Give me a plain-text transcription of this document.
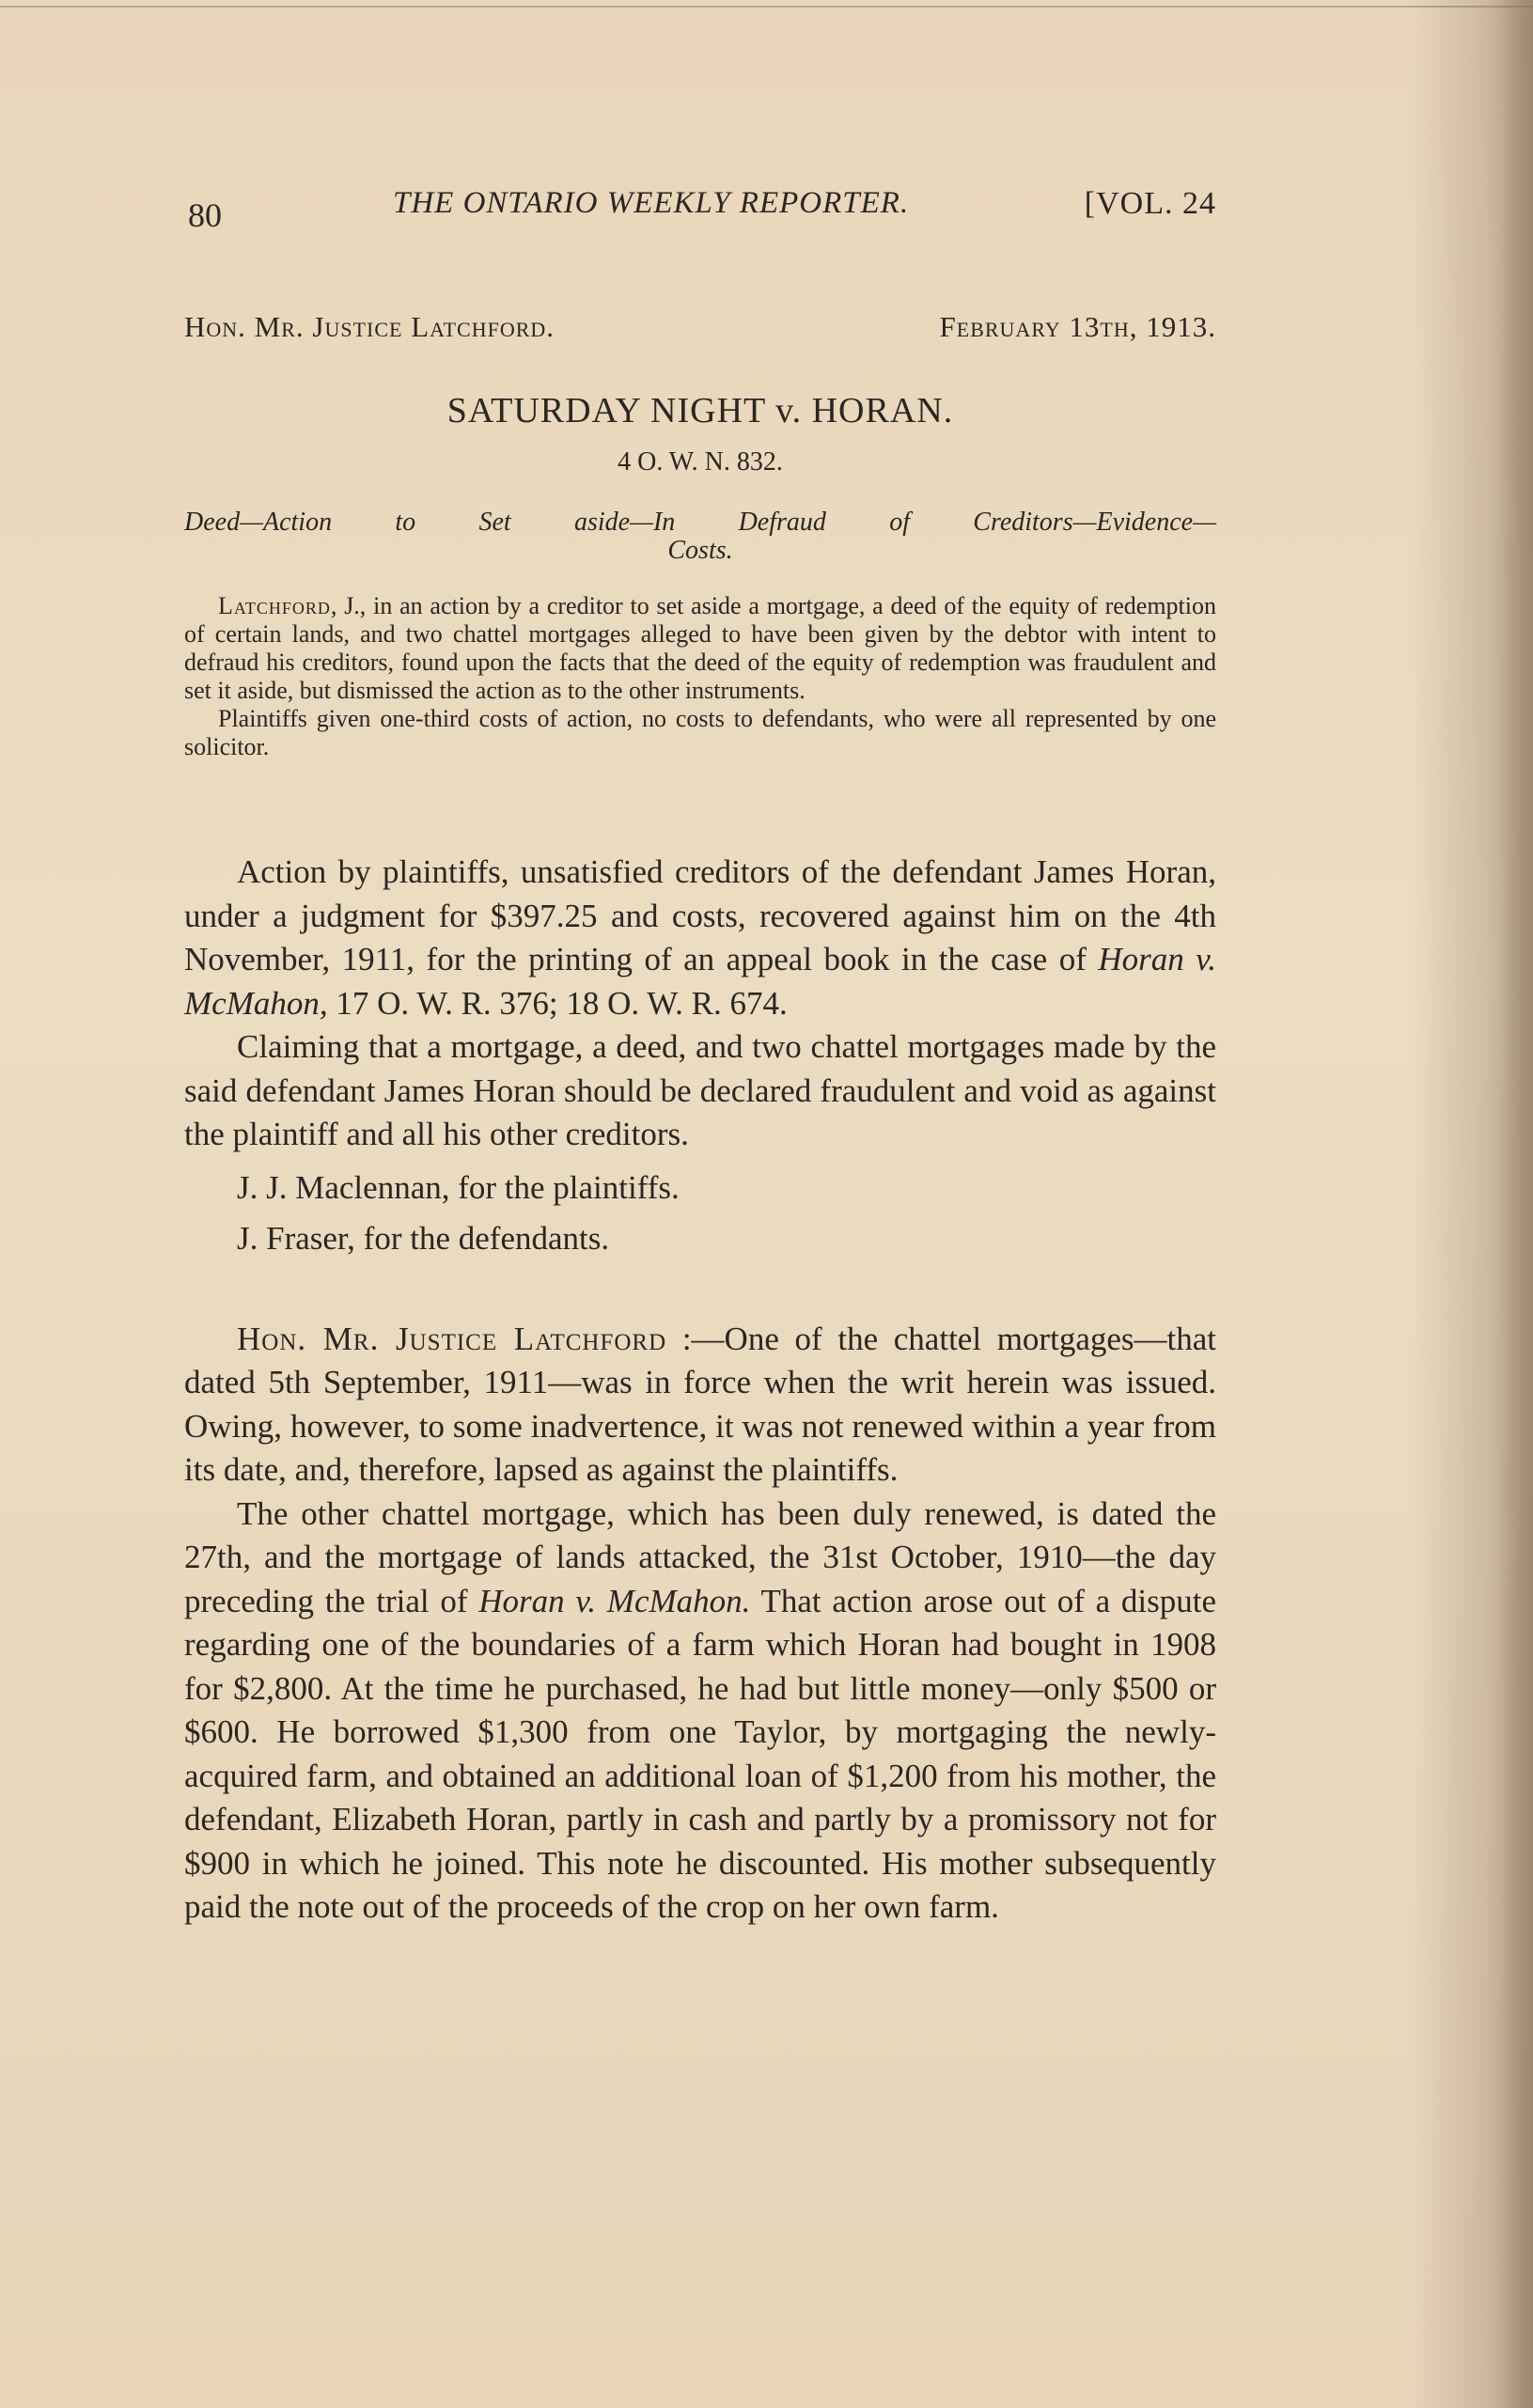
80	THE ONTARIO WEEKLY REPORTER.	[VOL. 24
Hon. Mr. Justice Latchford.	February 13th, 1913.
SATURDAY NIGHT v. HORAN.
4 O. W. N. 832.
Deed—Action to Set aside—In Defraud of Creditors—Evidence—
Costs.

Latchford, J., in an action by a creditor to set aside a mortgage, a deed of the equity of redemption of certain lands, and two chattel mortgages alleged to have been given by the debtor with intent to defraud his creditors, found upon the facts that the deed of the equity of redemption was fraudulent and set it aside, but dismissed the action as to the other instruments.

Plaintiffs given one-third costs of action, no costs to defendants, who were all represented by one solicitor.

Action by plaintiffs, unsatisfied creditors of the defendant James Horan, under a judgment for $397.25 and costs, recovered against him on the 4th November, 1911, for the printing of an appeal book in the case of Horan v. McMahon, 17 O. W. R. 376; 18 O. W. R. 674.

Claiming that a mortgage, a deed, and two chattel mortgages made by the said defendant James Horan should be declared fraudulent and void as against the plaintiff and all his other creditors.

J. J. Maclennan, for the plaintiffs.

J. Fraser, for the defendants.

Hon. Mr. Justice Latchford :—One of the chattel mortgages—that dated 5th September, 1911—was in force when the writ herein was issued. Owing, however, to some inadvertence, it was not renewed within a year from its date, and, therefore, lapsed as against the plaintiffs.

The other chattel mortgage, which has been duly renewed, is dated the 27th, and the mortgage of lands attacked, the 31st October, 1910—the day preceding the trial of Horan v. McMahon. That action arose out of a dispute regarding one of the boundaries of a farm which Horan had bought in 1908 for $2,800. At the time he purchased, he had but little money—only $500 or $600. He borrowed $1,300 from one Taylor, by mortgaging the newly-acquired farm, and obtained an additional loan of $1,200 from his mother, the defendant, Elizabeth Horan, partly in cash and partly by a promissory not for $900 in which he joined. This note he discounted. His mother subsequently paid the note out of the proceeds of the crop on her own farm.
